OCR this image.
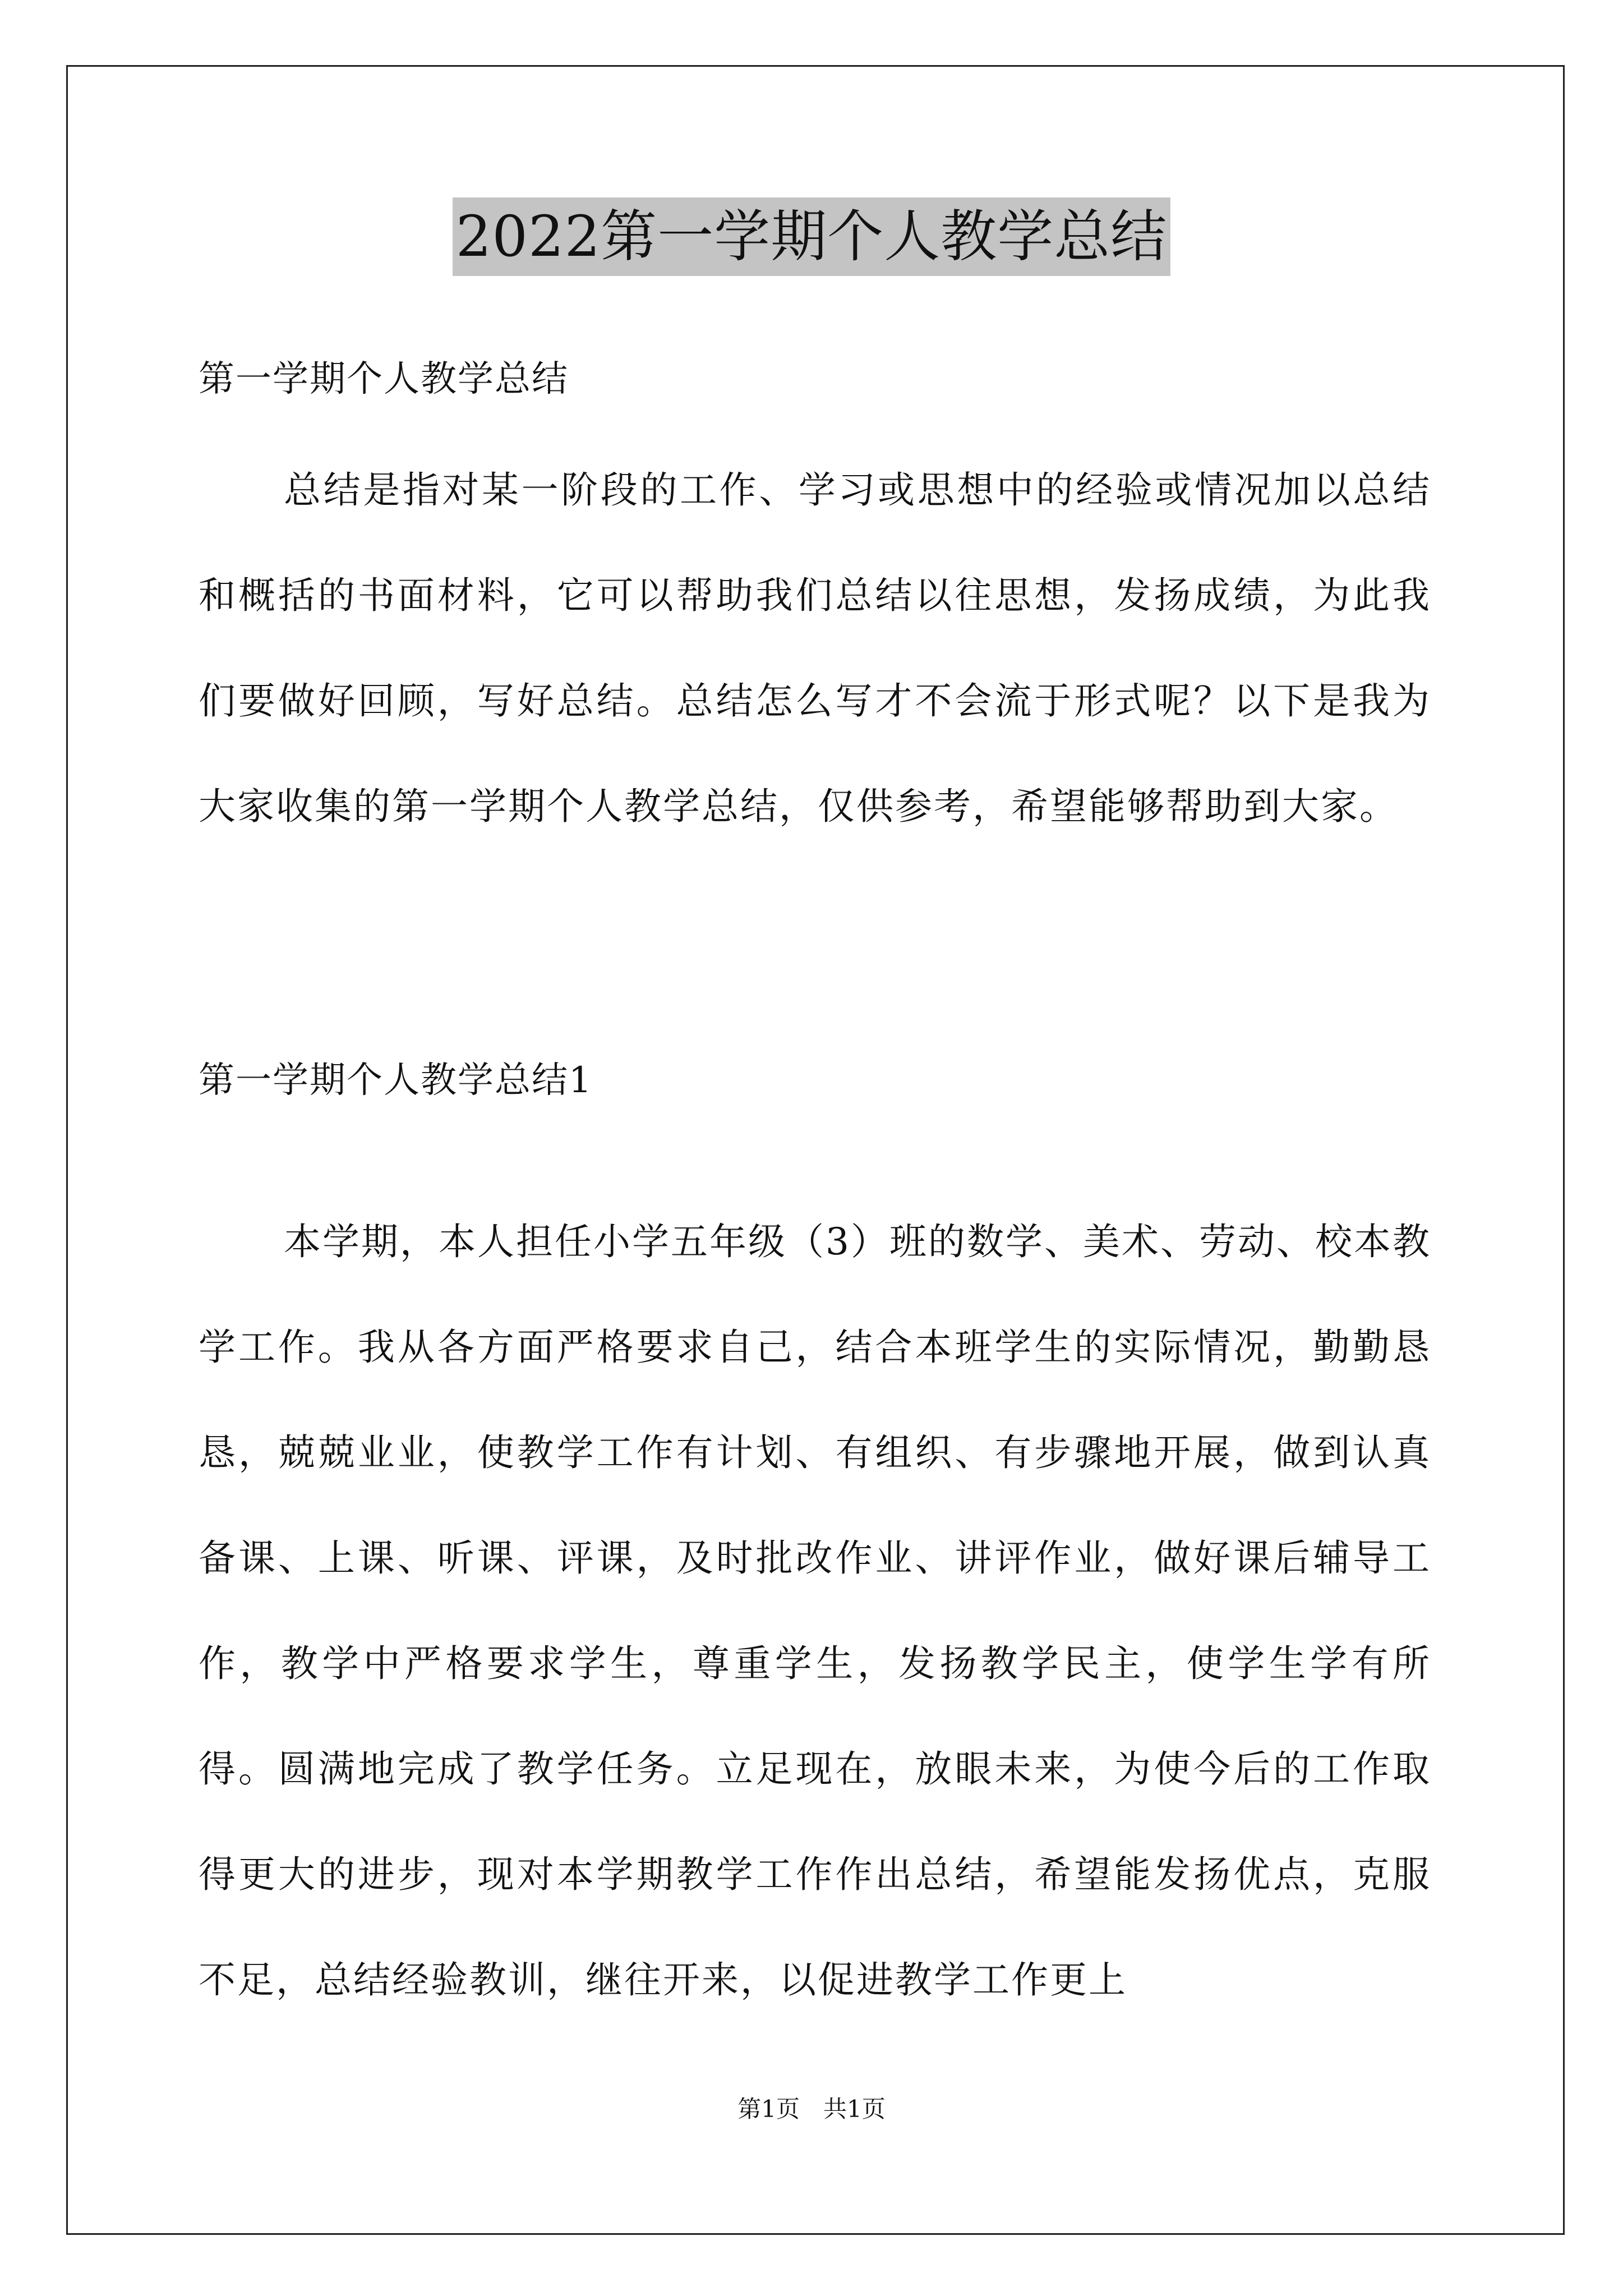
2022第一学期个人教学总结
第一学期个人教学总结
总结是指对某一阶段的工作、学习或思想中的经验或情况加以总结和概括的书面材料，它可以帮助我们总结以往思想，发扬成绩，为此我们要做好回顾，写好总结。总结怎么写才不会流于形式呢？以下是我为大家收集的第一学期个人教学总结，仅供参考，希望能够帮助到大家。
第一学期个人教学总结1
本学期，本人担任小学五年级（3）班的数学、美术、劳动、校本教学工作。我从各方面严格要求自己，结合本班学生的实际情况，勤勤恳恳，兢兢业业，使教学工作有计划、有组织、有步骤地开展，做到认真备课、上课、听课、评课，及时批改作业、讲评作业，做好课后辅导工作，教学中严格要求学生，尊重学生，发扬教学民主，使学生学有所得。圆满地完成了教学任务。立足现在，放眼未来，为使今后的工作取得更大的进步，现对本学期教学工作作出总结，希望能发扬优点，克服不足，总结经验教训，继往开来，以促进教学工作更上
第1页　共1页
